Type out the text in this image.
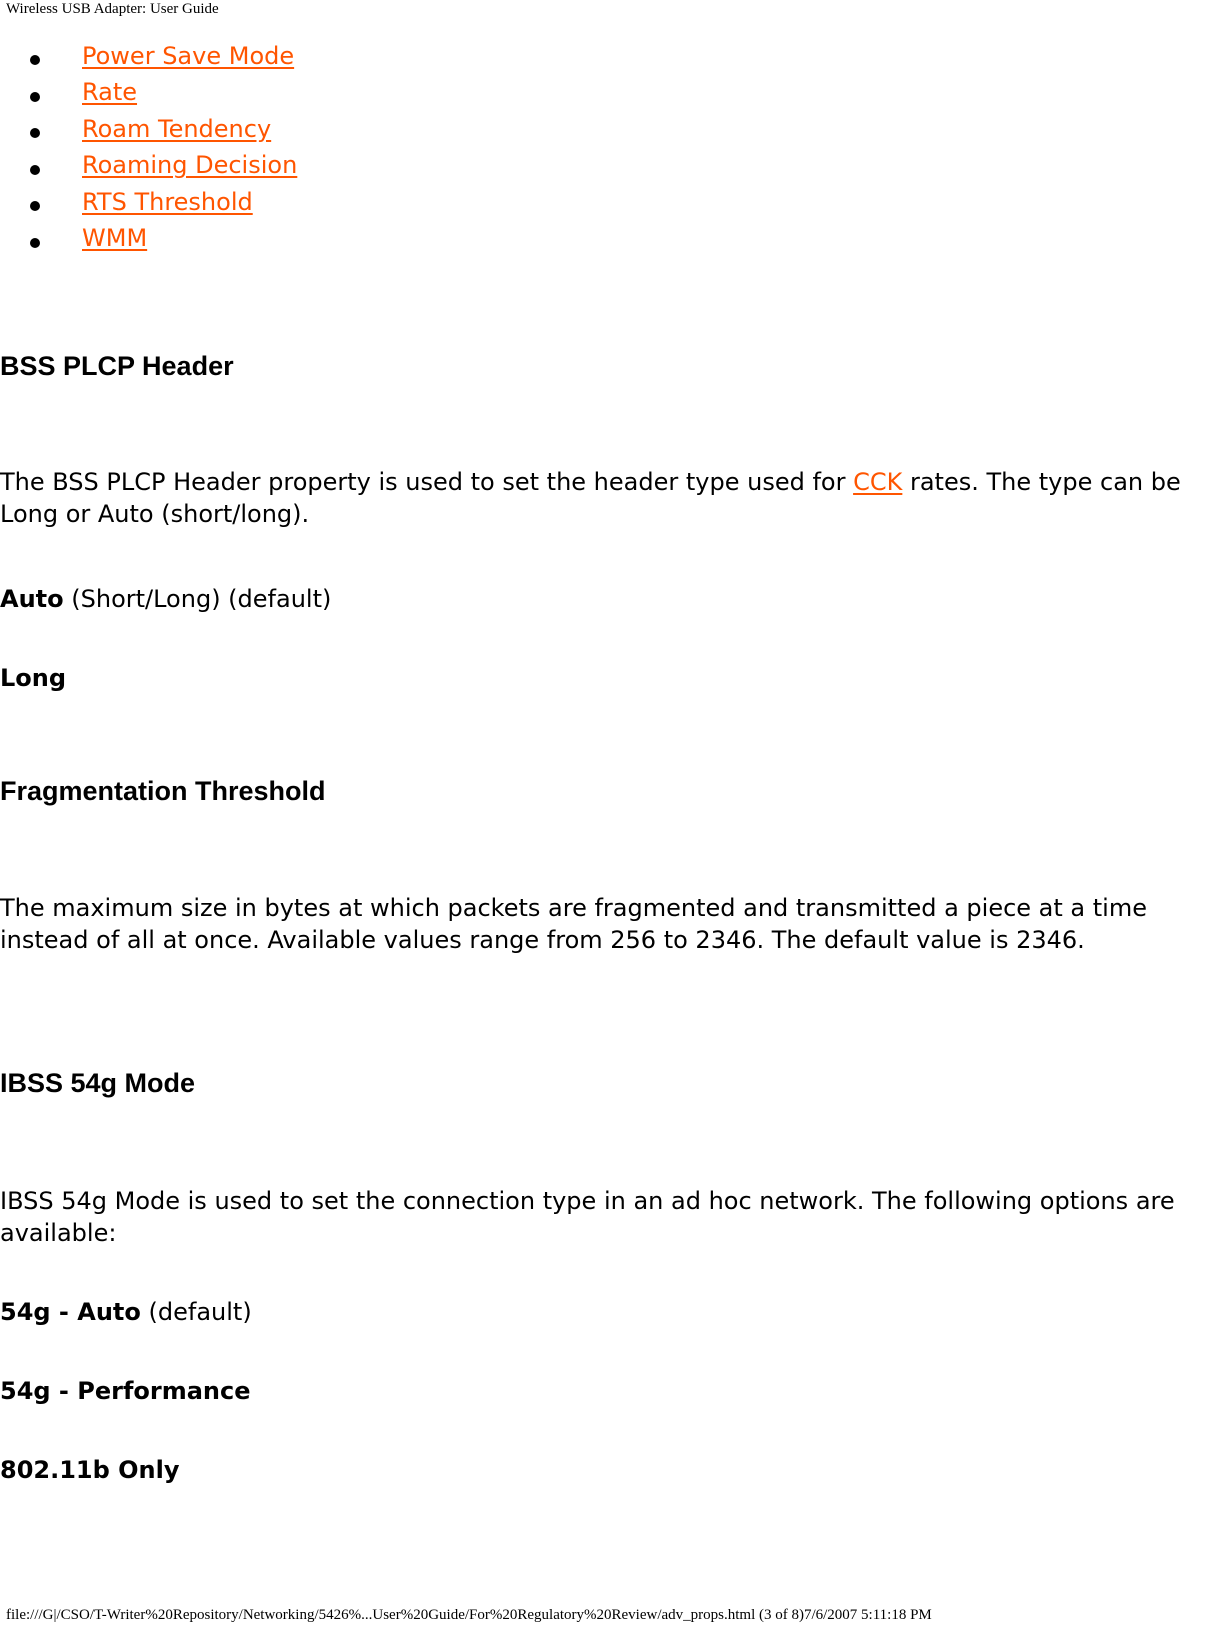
Wireless USB Adapter: User Guide
Power Save Mode
Rate
Roam Tendency
Roaming Decision
RTS Threshold
WMM
BSS PLCP Header

The BSS PLCP Header property is used to set the header type used for CCK rates. The type can be Long or Auto (short/long).

Auto (Short/Long) (default)

Long

Fragmentation Threshold

The maximum size in bytes at which packets are fragmented and transmitted a piece at a time instead of all at once. Available values range from 256 to 2346. The default value is 2346.

IBSS 54g Mode

IBSS 54g Mode is used to set the connection type in an ad hoc network. The following options are available:

54g - Auto (default)

54g - Performance

802.11b Only

file:///G|/CSO/T-Writer%20Repository/Networking/5426%...User%20Guide/For%20Regulatory%20Review/adv_props.html (3 of 8)7/6/2007 5:11:18 PM
